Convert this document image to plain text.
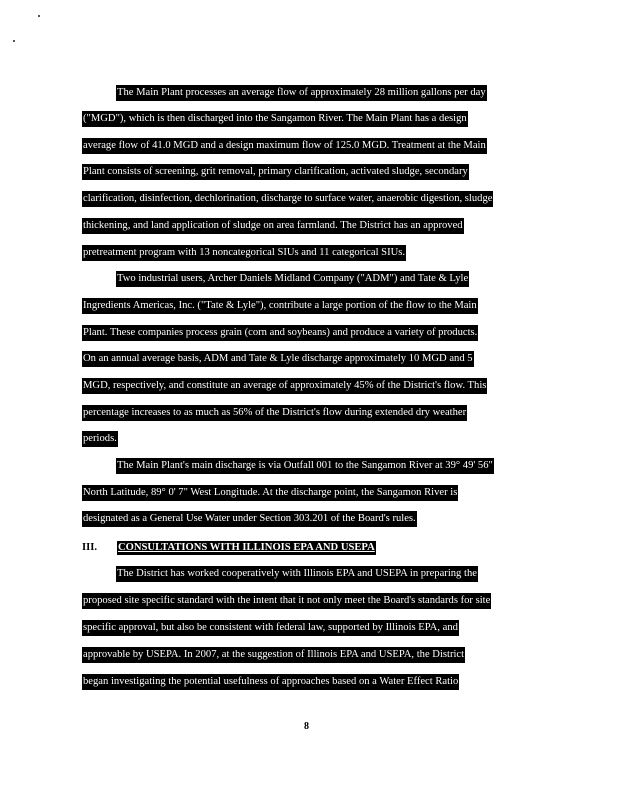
The Main Plant processes an average flow of approximately 28 million gallons per day
("MGD"), which is then discharged into the Sangamon River. The Main Plant has a design
average flow of 41.0 MGD and a design maximum flow of 125.0 MGD. Treatment at the Main
Plant consists of screening, grit removal, primary clarification, activated sludge, secondary
clarification, disinfection, dechlorination, discharge to surface water, anaerobic digestion, sludge
thickening, and land application of sludge on area farmland. The District has an approved
pretreatment program with 13 noncategorical SIUs and 11 categorical SIUs.
Two industrial users, Archer Daniels Midland Company ("ADM") and Tate & Lyle
Ingredients Americas, Inc. ("Tate & Lyle"), contribute a large portion of the flow to the Main
Plant. These companies process grain (corn and soybeans) and produce a variety of products.
On an annual average basis, ADM and Tate & Lyle discharge approximately 10 MGD and 5
MGD, respectively, and constitute an average of approximately 45% of the District's flow. This
percentage increases to as much as 56% of the District's flow during extended dry weather
periods.
The Main Plant's main discharge is via Outfall 001 to the Sangamon River at 39° 49' 56"
North Latitude, 89° 0' 7" West Longitude. At the discharge point, the Sangamon River is
designated as a General Use Water under Section 303.201 of the Board's rules.
III. CONSULTATIONS WITH ILLINOIS EPA AND USEPA
The District has worked cooperatively with Illinois EPA and USEPA in preparing the
proposed site specific standard with the intent that it not only meet the Board's standards for site
specific approval, but also be consistent with federal law, supported by Illinois EPA, and
approvable by USEPA. In 2007, at the suggestion of Illinois EPA and USEPA, the District
began investigating the potential usefulness of approaches based on a Water Effect Ratio
8
